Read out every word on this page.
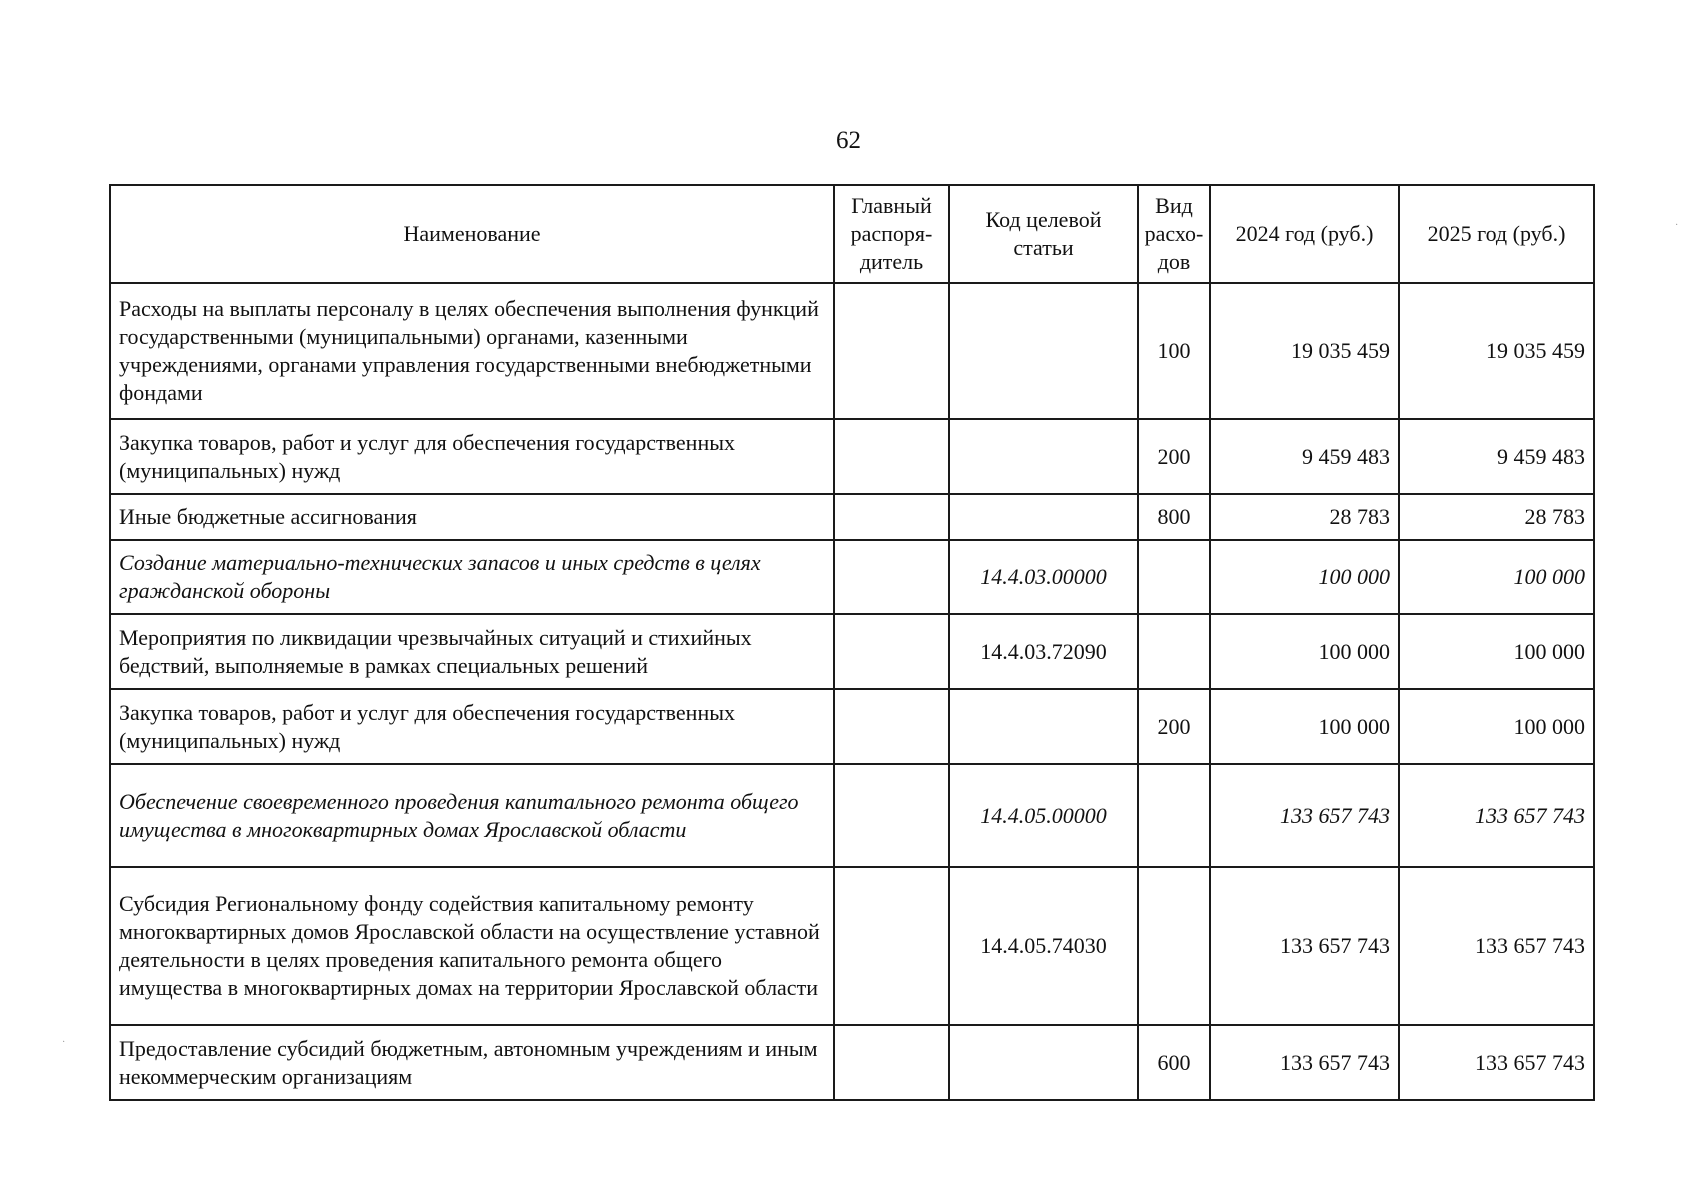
62
Наименование	Главный распоря-дитель	Код целевой статьи	Вид расхо-дов	2024 год (руб.)	2025 год (руб.)
Расходы на выплаты персоналу в целях обеспечения выполнения функций государственными (муниципальными) органами, казенными учреждениями, органами управления государственными внебюджетными фондами			100	19 035 459	19 035 459
Закупка товаров, работ и услуг для обеспечения государственных (муниципальных) нужд			200	9 459 483	9 459 483
Иные бюджетные ассигнования			800	28 783	28 783
Создание материально-технических запасов и иных средств в целях гражданской обороны		14.4.03.00000		100 000	100 000
Мероприятия по ликвидации чрезвычайных ситуаций и стихийных бедствий, выполняемые в рамках специальных решений		14.4.03.72090		100 000	100 000
Закупка товаров, работ и услуг для обеспечения государственных (муниципальных) нужд			200	100 000	100 000
Обеспечение своевременного проведения капитального ремонта общего имущества в многоквартирных домах Ярославской области		14.4.05.00000		133 657 743	133 657 743
Субсидия Региональному фонду содействия капитальному ремонту многоквартирных домов Ярославской области на осуществление уставной деятельности в целях проведения капитального ремонта общего имущества в многоквартирных домах на территории Ярославской области		14.4.05.74030		133 657 743	133 657 743
Предоставление субсидий бюджетным, автономным учреждениям и иным некоммерческим организациям			600	133 657 743	133 657 743
·
·
